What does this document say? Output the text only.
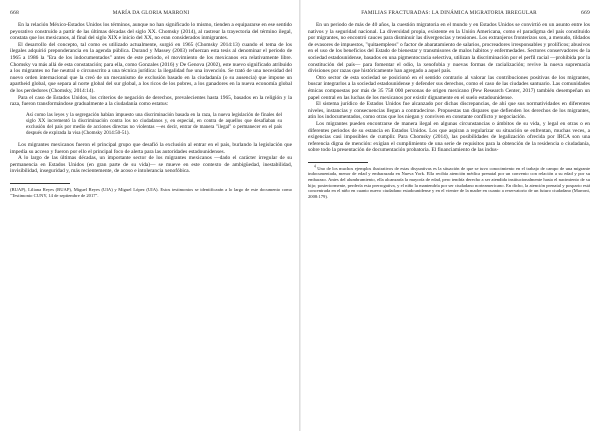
668	MARÍA DA GLORIA MARRONI

En la relación México-Estados Unidos los términos, aunque no han significado lo mismo, tienden a equipararse en ese sentido peyorativo construido a partir de las últimas décadas del siglo XX. Chomsky (2014), al rastrear la trayectoria del término ilegal, constata que los mexicanos, al final del siglo XIX e inicio del XX, no eran considerados inmigrantes.

El desarrollo del concepto, tal como es utilizado actualmente, surgió en 1965 (Chomsky 2014:13) cuando el tema de los ilegales adquirió preponderancia en la agenda pública. Durand y Massey (2003) refuerzan esta tesis al denominar el periodo de 1965 a 1986 la "Era de los indocumentados" antes de este periodo, el movimiento de los mexicanos era relativamente libre. Chomsky va más allá de esta constatación; para ella, como Gonzales (2016) y De Genova (2002), este nuevo significado atribuido a los migrantes no fue neutral o circunscrito a una técnica jurídica: la ilegalidad fue una invención. Se trató de una necesidad del nuevo orden internacional que la creó de un mecanismo de exclusión basado en la ciudadanía (o su ausencia) que impone un apartheid global, que separa al norte global del sur global, a los ricos de los pobres, a los ganadores en la nueva economía global de los perdedores (Chomsky, 2014:14).

Para el caso de Estados Unidos, los criterios de negación de derechos, prevalecientes hasta 1965, basados en la religión y la raza, fueron transformándose gradualmente a la ciudadanía como estatus:

Así como las leyes y la segregación habían impuesto una discriminación basada en la raza, la nueva legislación de finales del siglo XX incrementó la discriminación contra los no ciudadanos y, en especial, en contra de aquellos que desafiaban su exclusión del país por medio de acciones directas no violentas —es decir, entrar de manera "ilegal" o permanecer en el país después de expirada la visa (Chomsky 2014:50-51).

Los migrantes mexicanos fueron el principal grupo que desafió la exclusión al entrar en el país, burlando la legislación que impedía su acceso y fueron por ello el principal foco de alerta para las autoridades estadounidenses.

A lo largo de las últimas décadas, un importante sector de los migrantes mexicanos —dado el carácter irregular de su permanencia en Estados Unidos (en gran parte de su vida)— se mueve en este contexto de ambigüedad, inestabilidad, invisibilidad, inseguridad y, más recientemente, de acoso e intolerancia xenofóbica.

(BUAP), Liliana Reyes (BUAP), Miguel Reyes (UIA) y Miguel López (UIA). Estos testimonios se identificarán a lo largo de este documento como "Testimonio CUNY, 14 de septiembre de 2017".
FAMILIAS FRACTURADAS: LA DINÁMICA MIGRATORIA IRREGULAR	669

En un periodo de más de 40 años, la cuestión migratoria en el mundo y en Estados Unidos se convirtió en un asunto entre los nativos y la seguridad nacional. La diversidad propia, existente en la Unión Americana, como el paradigma del país constituido por migrantes, no encontró cauces para disminuir las divergencias y tensiones. Los extranjeros fronterizos son, a menudo, tildados de evasores de impuestos, "quitaempleos" o factor de abaratamiento de salarios, procreadores irresponsables y prolíficos; abusivos en el uso de los beneficios del Estado de bienestar y transmisores de malos hábitos y enfermedades. Sectores conservadores de la sociedad estadounidense, basados en una pigmentocracia selectiva, utilizan la discriminación por el perfil racial —prohibida por la constitución del país— para fomentar el odio, la xenofobia y nuevas formas de racialización; revive la nueva supremacía divisiones por razas que históricamente han agregado a aquel país.

Otro sector de esta sociedad se posicionó en el sentido contrario al valorar las contribuciones positivas de los migrantes, buscar integrarlos a la sociedad estadounidense y defender sus derechos, como el caso de las ciudades santuario. Las comunidades étnicas compuestas por más de 35 758 000 personas de origen mexicano (Pew Research Center, 2017) también desempeñan un papel central en las luchas de los mexicanos por existir dignamente en el suelo estadounidense.

El sistema jurídico de Estados Unidos fue alcanzado por dichas discrepancias, de ahí que sus normatividades en diferentes niveles, instancias y consecuencias llegan a contradecirse. Propuestas tan dispares que defienden los derechos de los migrantes, atin los indocumentados, como otras que los niegan y conviven en constante conflicto y negociación.

Los migrantes pueden encontrarse de manera ilegal en algunas circunstancias o ámbitos de su vida, y legal en otras o en diferentes periodos de su estancia en Estados Unidos. Los que aspiran a regularizar su situación se enfrentan, muchas veces, a exigencias casi imposibles de cumplir. Para Chomsky (2014), las posibilidades de legalización ofrecida por IRCA son una referencia digna de mención: exigían el cumplimiento de una serie de requisitos para la obtención de la residencia o ciudadanía, sobre todo la presentación de documentación probatoria. El financiamiento de las indus-

$^4$ Uno de los muchos ejemplos ilustrativos de estas disyuntivas es la situación de que se tuvo conocimiento en el trabajo de campo de una migrante indocumentada, menor de edad y embarazada en Nueva York. Ella recibía atención médica prenatal por un convenio con relación a su edad y por su embarazo. Antes del alumbramiento, ella alcanzaría la mayoría de edad, pero tendría derecho a ser atendida institucionalmente hasta el nacimiento de su hijo; posteriormente, perdería esta prerrogativa, y el niño la mantendría por ser ciudadano norteamericano. En dicho, la atención prenatal y posparto está concentrada en el niño en cuanto nuevo ciudadano estadounidense y en el vientre de la madre en cuanto a reservatorio de un futuro ciudadano (Marroni, 2008:179).
